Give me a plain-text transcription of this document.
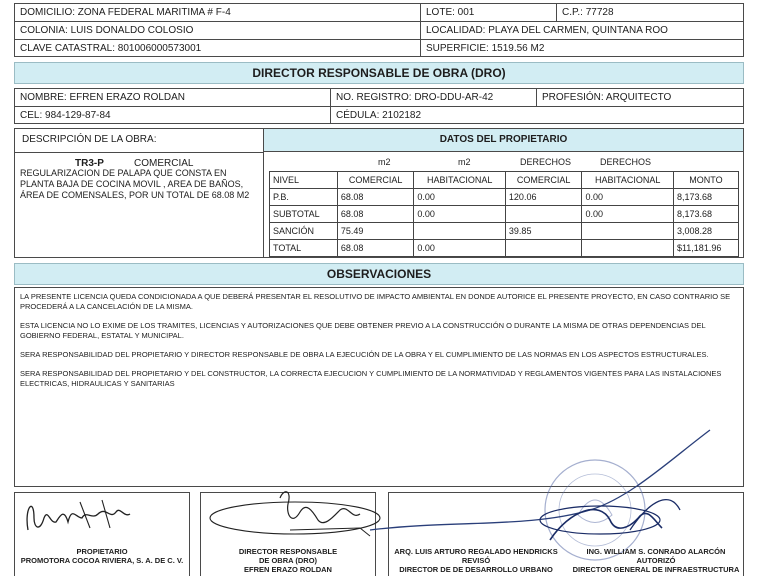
DOMICILIO: ZONA FEDERAL MARITIMA # F-4	LOTE: 001	C.P.: 77728
COLONIA: LUIS DONALDO COLOSIO	LOCALIDAD: PLAYA DEL CARMEN, QUINTANA ROO
CLAVE CATASTRAL: 801006000573001	SUPERFICIE: 1519.56 M2
DIRECTOR RESPONSABLE DE OBRA (DRO)
NOMBRE: EFREN ERAZO ROLDAN	NO. REGISTRO: DRO-DDU-AR-42	PROFESIÓN: ARQUITECTO
CEL: 984-129-87-84	CÉDULA: 2102182
DESCRIPCIÓN DE LA OBRA:
TR3-P	COMERCIAL
REGULARIZACION DE PALAPA QUE CONSTA EN PLANTA BAJA DE COCINA MOVIL , AREA DE BAÑOS, ÁREA DE COMENSALES, POR UN TOTAL DE 68.08 M2
DATOS DEL PROPIETARIO
m2	m2	DERECHOS	DERECHOS
NIVEL	COMERCIAL	HABITACIONAL	COMERCIAL	HABITACIONAL	MONTO
P.B.	68.08	0.00	120.06	0.00	8,173.68
SUBTOTAL	68.08	0.00		0.00	8,173.68
SANCIÓN	75.49		39.85		3,008.28
TOTAL	68.08	0.00			$11,181.96
OBSERVACIONES

LA PRESENTE LICENCIA QUEDA CONDICIONADA A QUE DEBERÁ PRESENTAR EL RESOLUTIVO DE IMPACTO AMBIENTAL EN DONDE AUTORICE EL PRESENTE PROYECTO, EN CASO CONTRARIO SE PROCEDERÁ A LA CANCELACIÓN DE LA MISMA.

ESTA LICENCIA NO LO EXIME DE LOS TRAMITES, LICENCIAS Y AUTORIZACIONES QUE DEBE OBTENER PREVIO A LA CONSTRUCCIÓN O DURANTE LA MISMA DE OTRAS DEPENDENCIAS DEL GOBIERNO FEDERAL, ESTATAL Y MUNICIPAL.

SERA RESPONSABILIDAD DEL PROPIETARIO Y DIRECTOR RESPONSABLE DE OBRA LA EJECUCIÓN DE LA OBRA Y EL CUMPLIMIENTO DE LAS NORMAS EN LOS ASPECTOS ESTRUCTURALES.

SERA RESPONSABILIDAD DEL PROPIETARIO Y DEL CONSTRUCTOR, LA CORRECTA EJECUCION Y CUMPLIMIENTO DE LA NORMATIVIDAD Y REGLAMENTOS VIGENTES PARA LAS INSTALACIONES ELECTRICAS, HIDRAULICAS Y SANITARIAS

PROPIETARIO
PROMOTORA COCOA RIVIERA, S. A. DE C. V.
DIRECTOR RESPONSABLE
DE OBRA (DRO)
EFREN ERAZO ROLDAN
ARQ. LUIS ARTURO REGALADO HENDRICKS
REVISÓ
DIRECTOR DE DE DESARROLLO URBANO
ING. WILLIAM S. CONRADO ALARCÓN
AUTORIZÓ
DIRECTOR GENERAL DE INFRAESTRUCTURA
